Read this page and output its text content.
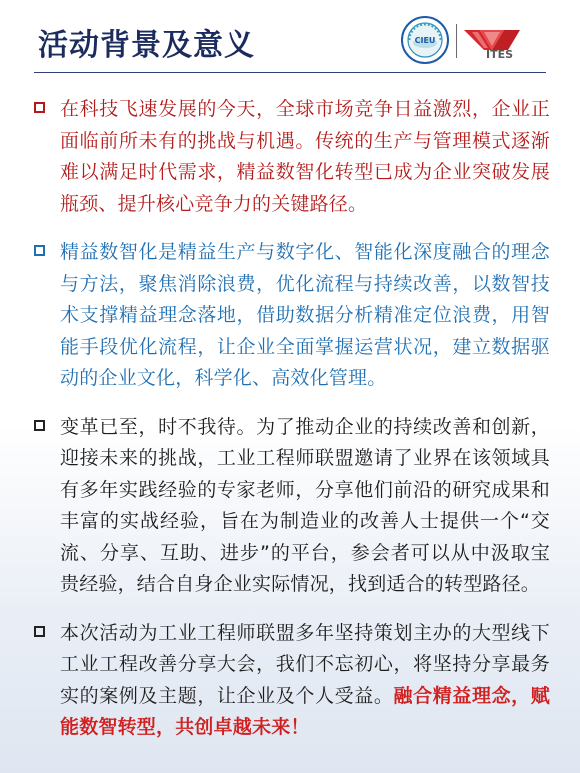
活动背景及意义	CIEU
ITES
在科技飞速发展的今天，全球市场竞争日益激烈，企业正面临前所未有的挑战与机遇。传统的生产与管理模式逐渐难以满足时代需求，精益数智化转型已成为企业突破发展瓶颈、提升核心竞争力的关键路径。
精益数智化是精益生产与数字化、智能化深度融合的理念与方法，聚焦消除浪费，优化流程与持续改善，以数智技术支撑精益理念落地，借助数据分析精准定位浪费，用智能手段优化流程，让企业全面掌握运营状况，建立数据驱动的企业文化，科学化、高效化管理。
变革已至，时不我待。为了推动企业的持续改善和创新，迎接未来的挑战，工业工程师联盟邀请了业界在该领域具有多年实践经验的专家老师，分享他们前沿的研究成果和丰富的实战经验，旨在为制造业的改善人士提供一个“交流、分享、互助、进步”的平台，参会者可以从中汲取宝贵经验，结合自身企业实际情况，找到适合的转型路径。
本次活动为工业工程师联盟多年坚持策划主办的大型线下工业工程改善分享大会，我们不忘初心，将坚持分享最务实的案例及主题，让企业及个人受益。融合精益理念，赋能数智转型，共创卓越未来！
